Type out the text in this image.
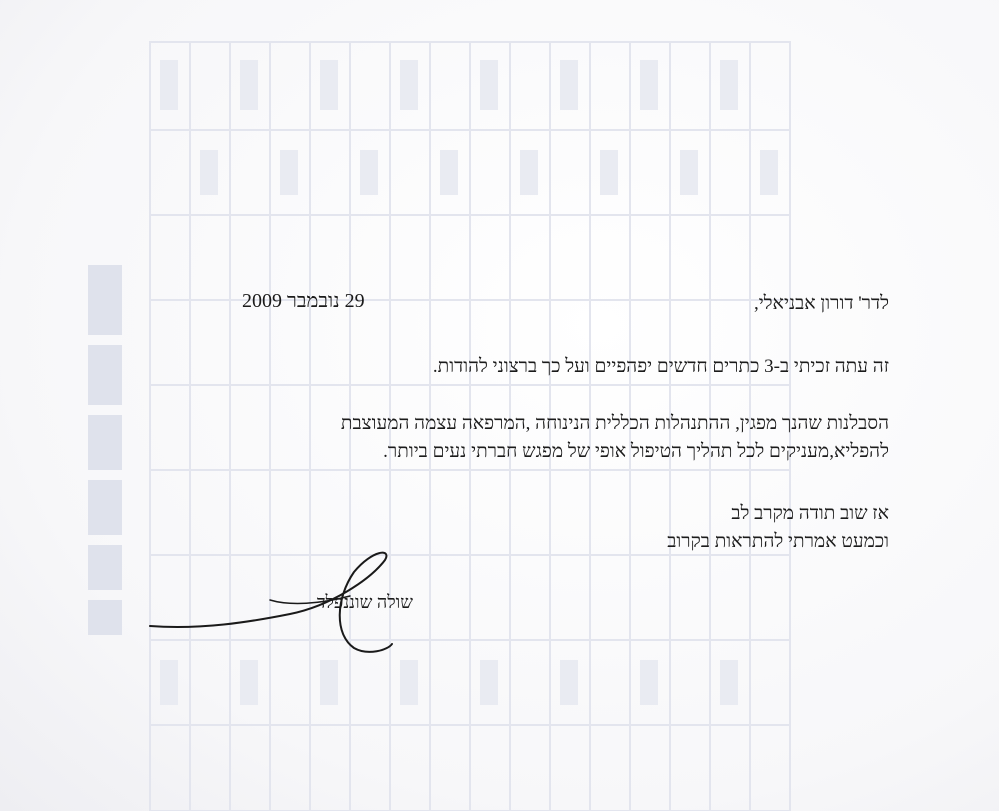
לדר' דורון אבניאלי,
29 נובמבר 2009
זה עתה זכיתי ב-3 כתרים חדשים יפהפיים ועל כך ברצוני להודות.
הסבלנות שהנך מפגין, ההתנהלות הכללית הנינוחה ,המרפאה עצמה המעוצבת
להפליא,מעניקים לכל תהליך הטיפול אופי של מפגש חברתי נעים ביותר.
אז שוב תודה מקרב לב
וכמעט אמרתי להתראות בקרוב
שולה שוננפלד
